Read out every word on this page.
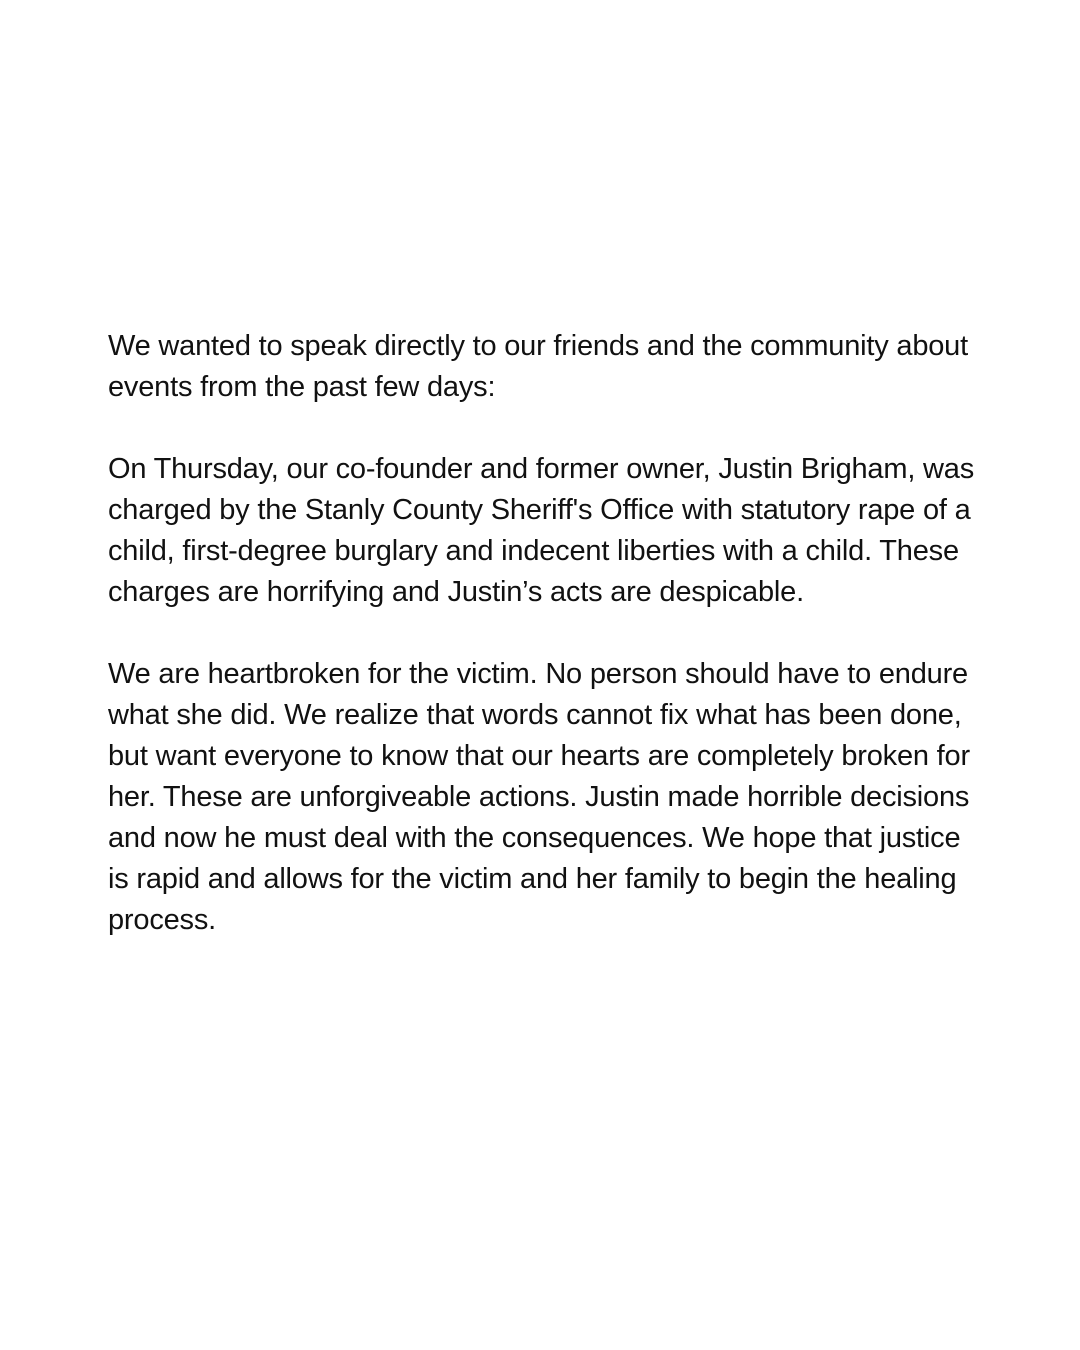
We wanted to speak directly to our friends and the community about events from the past few days:

On Thursday, our co-founder and former owner, Justin Brigham, was charged by the Stanly County Sheriff's Office with statutory rape of a child, first-degree burglary and indecent liberties with a child. These charges are horrifying and Justin’s acts are despicable.

We are heartbroken for the victim. No person should have to endure what she did. We realize that words cannot fix what has been done, but want everyone to know that our hearts are completely broken for her. These are unforgiveable actions. Justin made horrible decisions and now he must deal with the consequences. We hope that justice is rapid and allows for the victim and her family to begin the healing process.
